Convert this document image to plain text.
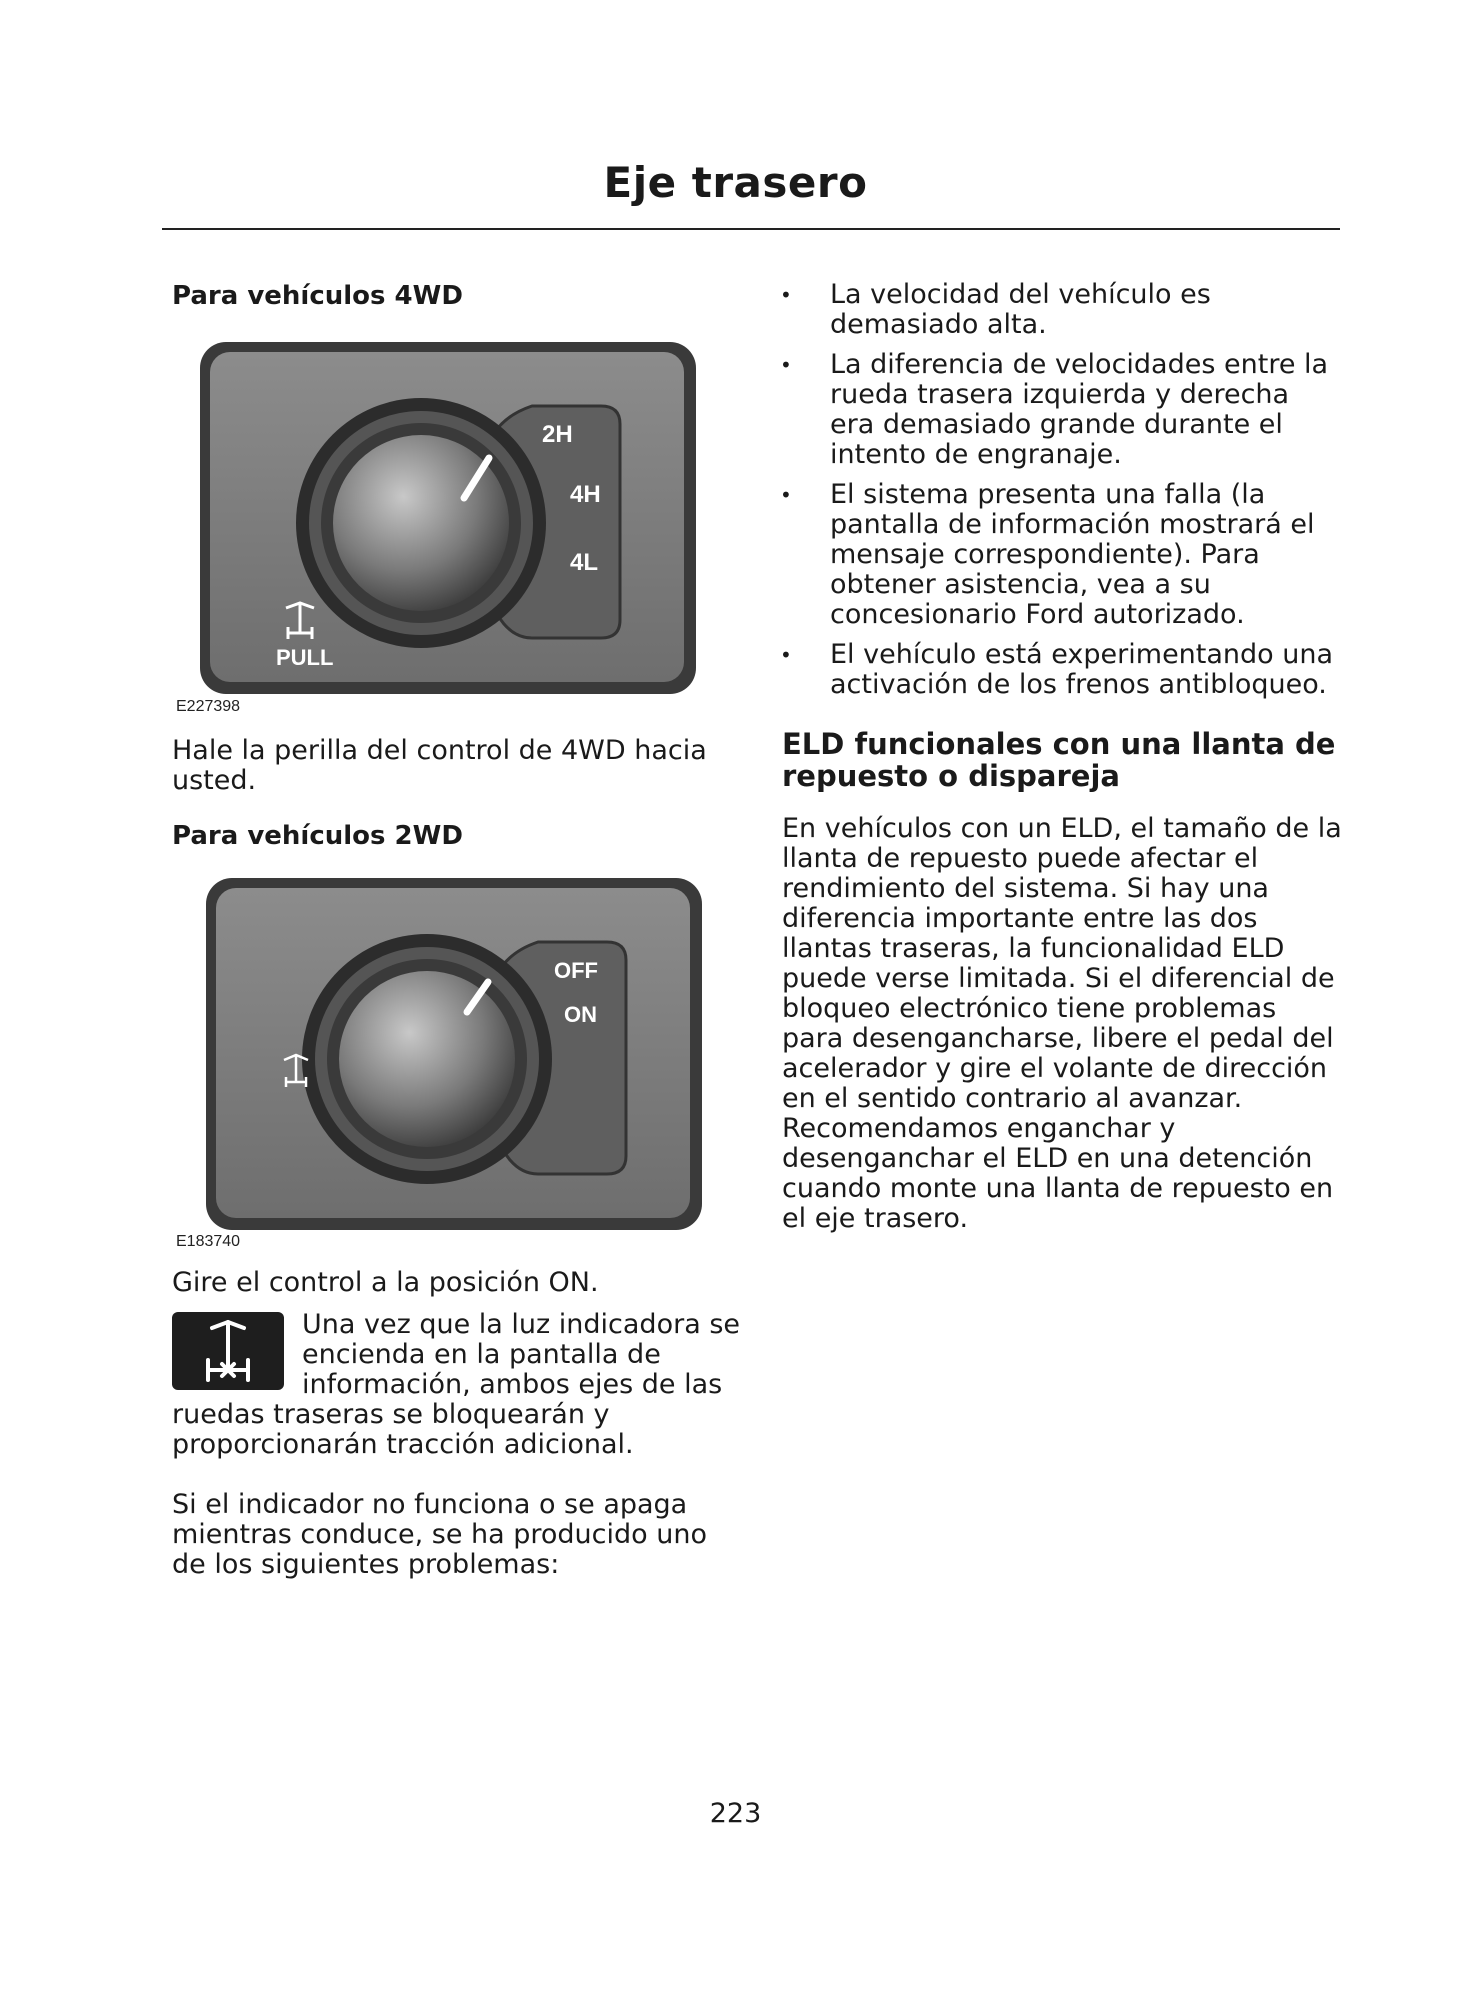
Eje trasero

Para vehículos 4WD

2H
4H
4L
PULL
E227398

Hale la perilla del control de 4WD hacia usted.

Para vehículos 2WD

OFF
ON
E183740

Gire el control a la posición ON.

Una vez que la luz indicadora se

encienda en la pantalla de

información, ambos ejes de las

ruedas traseras se bloquearán y proporcionarán tracción adicional.

Si el indicador no funciona o se apaga mientras conduce, se ha producido uno de los siguientes problemas:

• La velocidad del vehículo es demasiado alta.
• La diferencia de velocidades entre la rueda trasera izquierda y derecha era demasiado grande durante el intento de engranaje.
• El sistema presenta una falla (la pantalla de información mostrará el mensaje correspondiente). Para obtener asistencia, vea a su concesionario Ford autorizado.
• El vehículo está experimentando una activación de los frenos antibloqueo.

ELD funcionales con una llanta de repuesto o dispareja

En vehículos con un ELD, el tamaño de la llanta de repuesto puede afectar el rendimiento del sistema. Si hay una diferencia importante entre las dos llantas traseras, la funcionalidad ELD puede verse limitada. Si el diferencial de bloqueo electrónico tiene problemas para desengancharse, libere el pedal del acelerador y gire el volante de dirección en el sentido contrario al avanzar. Recomendamos enganchar y desenganchar el ELD en una detención cuando monte una llanta de repuesto en el eje trasero.

223
